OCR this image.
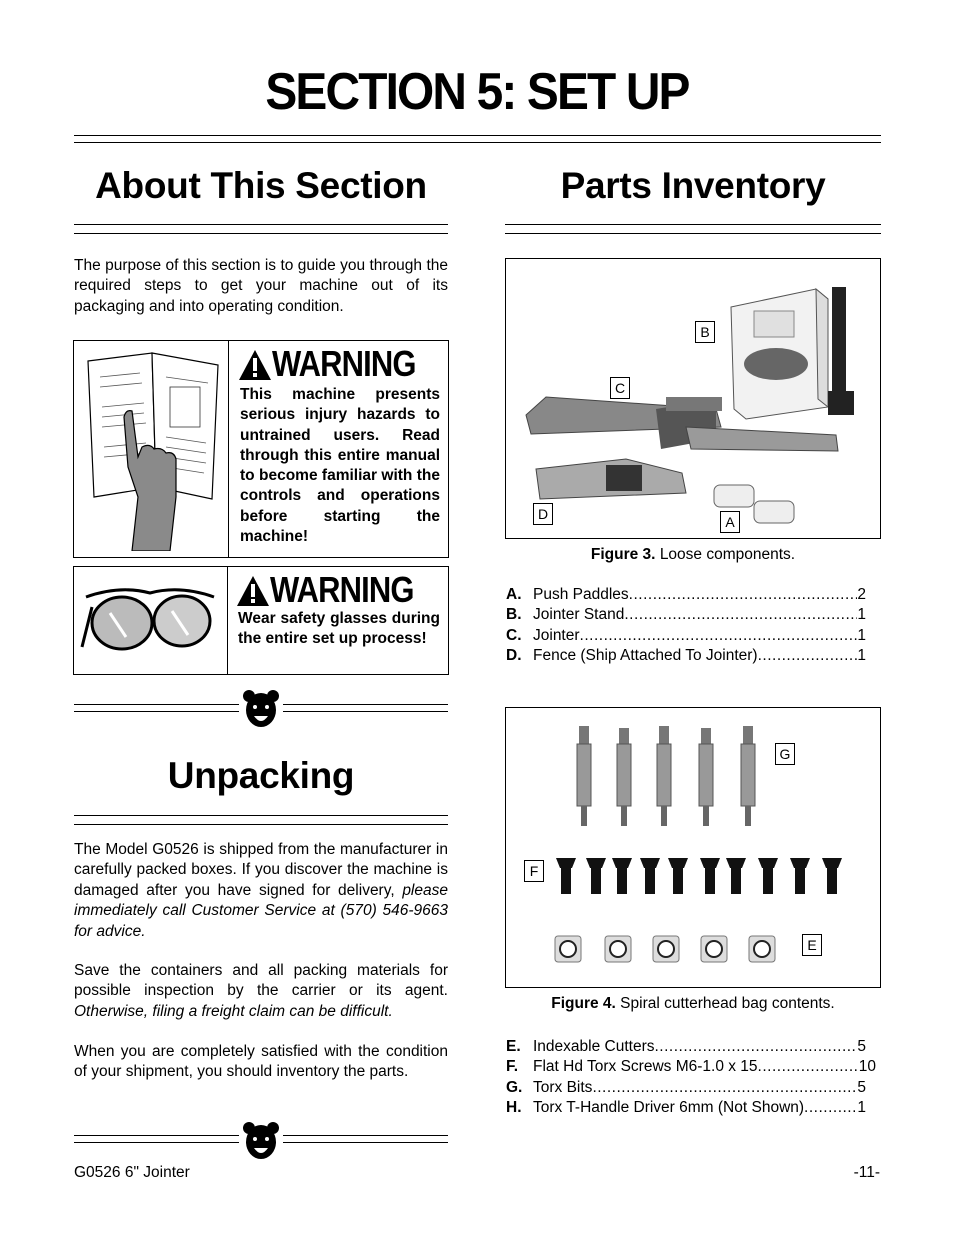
SECTION 5: SET UP
About This Section
The purpose of this section is to guide you through the required steps to get your machine out of its packaging and into operating condition.
WARNING
This machine presents serious injury hazards to untrained users. Read through this entire manual to become familiar with the controls and operations before starting the machine!
WARNING
Wear safety glasses during the entire set up process!
Unpacking
The Model G0526 is shipped from the manufacturer in carefully packed boxes. If you discover the machine is damaged after you have signed for delivery, please immediately call Customer Service at (570) 546-9663 for advice.
Save the containers and all packing materials for possible inspection by the carrier or its agent. Otherwise, filing a freight claim can be difficult.
When you are completely satisfied with the condition of your shipment, you should inventory the parts.
Parts Inventory
B
C
D	A
Figure 3. Loose components.
A. Push Paddles .....	2
B. Jointer Stand .....	1
C. Jointer .....	1
D. Fence (Ship Attached To Jointer) .....	1
G
F
E
Figure 4. Spiral cutterhead bag contents.
E. Indexable Cutters .....	5
F. Flat Hd Torx Screws M6-1.0 x 15 .....	10
G. Torx Bits .....	5
H. Torx T-Handle Driver 6mm (Not Shown) .....	1
G0526 6" Jointer	-11-
